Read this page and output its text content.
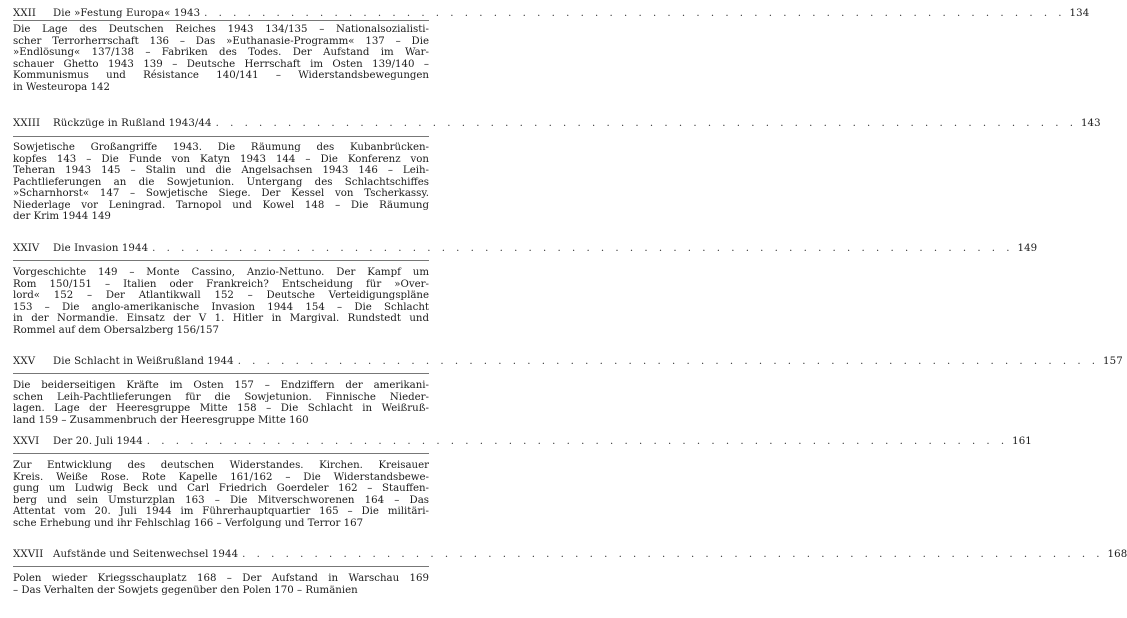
XXII	Die »Festung Europa« 1943 . . . . . . . . . . . . . . . . . . . . . . . . . . . . . . . . . . . . . . . . . . . . . . . . . . . . . . . . . . . . 134
Die Lage des Deutschen Reiches 1943 134/135 – Nationalsozialisti-
scher Terrorherrschaft 136 – Das »Euthanasie-Programm« 137 – Die
»Endlösung« 137/138 – Fabriken des Todes. Der Aufstand im War-
schauer Ghetto 1943 139 – Deutsche Herrschaft im Osten 139/140 –
Kommunismus und Résistance 140/141 – Widerstandsbewegungen
in Westeuropa 142
XXIII	Rückzüge in Rußland 1943/44 . . . . . . . . . . . . . . . . . . . . . . . . . . . . . . . . . . . . . . . . . . . . . . . . . . . . . . . . . . . . 143
Sowjetische Großangriffe 1943. Die Räumung des Kubanbrücken-
kopfes 143 – Die Funde von Katyn 1943 144 – Die Konferenz von
Teheran 1943 145 – Stalin und die Angelsachsen 1943 146 – Leih-
Pachtlieferungen an die Sowjetunion. Untergang des Schlachtschiffes
»Scharnhorst« 147 – Sowjetische Siege. Der Kessel von Tscherkassy.
Niederlage vor Leningrad. Tarnopol und Kowel 148 – Die Räumung
der Krim 1944 149
XXIV	Die Invasion 1944 . . . . . . . . . . . . . . . . . . . . . . . . . . . . . . . . . . . . . . . . . . . . . . . . . . . . . . . . . . . . 149
Vorgeschichte 149 – Monte Cassino, Anzio-Nettuno. Der Kampf um
Rom 150/151 – Italien oder Frankreich? Entscheidung für »Over-
lord« 152 – Der Atlantikwall 152 – Deutsche Verteidigungspläne
153 – Die anglo-amerikanische Invasion 1944 154 – Die Schlacht
in der Normandie. Einsatz der V 1. Hitler in Margival. Rundstedt und
Rommel auf dem Obersalzberg 156/157
XXV	Die Schlacht in Weißrußland 1944 . . . . . . . . . . . . . . . . . . . . . . . . . . . . . . . . . . . . . . . . . . . . . . . . . . . . . . . . . . . . 157
Die beiderseitigen Kräfte im Osten 157 – Endziffern der amerikani-
schen Leih-Pachtlieferungen für die Sowjetunion. Finnische Nieder-
lagen. Lage der Heeresgruppe Mitte 158 – Die Schlacht in Weißruß-
land 159 – Zusammenbruch der Heeresgruppe Mitte 160
XXVI	Der 20. Juli 1944 . . . . . . . . . . . . . . . . . . . . . . . . . . . . . . . . . . . . . . . . . . . . . . . . . . . . . . . . . . . . 161
Zur Entwicklung des deutschen Widerstandes. Kirchen. Kreisauer
Kreis. Weiße Rose. Rote Kapelle 161/162 – Die Widerstandsbewe-
gung um Ludwig Beck und Carl Friedrich Goerdeler 162 – Stauffen-
berg und sein Umsturzplan 163 – Die Mitverschworenen 164 – Das
Attentat vom 20. Juli 1944 im Führerhauptquartier 165 – Die militäri-
sche Erhebung und ihr Fehlschlag 166 – Verfolgung und Terror 167
XXVII Aufstände und Seitenwechsel 1944 . . . . . . . . . . . . . . . . . . . . . . . . . . . . . . . . . . . . . . . . . . . . . . . . . . . . . . . . . . . . 168
Polen wieder Kriegsschauplatz 168 – Der Aufstand in Warschau 169
– Das Verhalten der Sowjets gegenüber den Polen 170 – Rumänien
